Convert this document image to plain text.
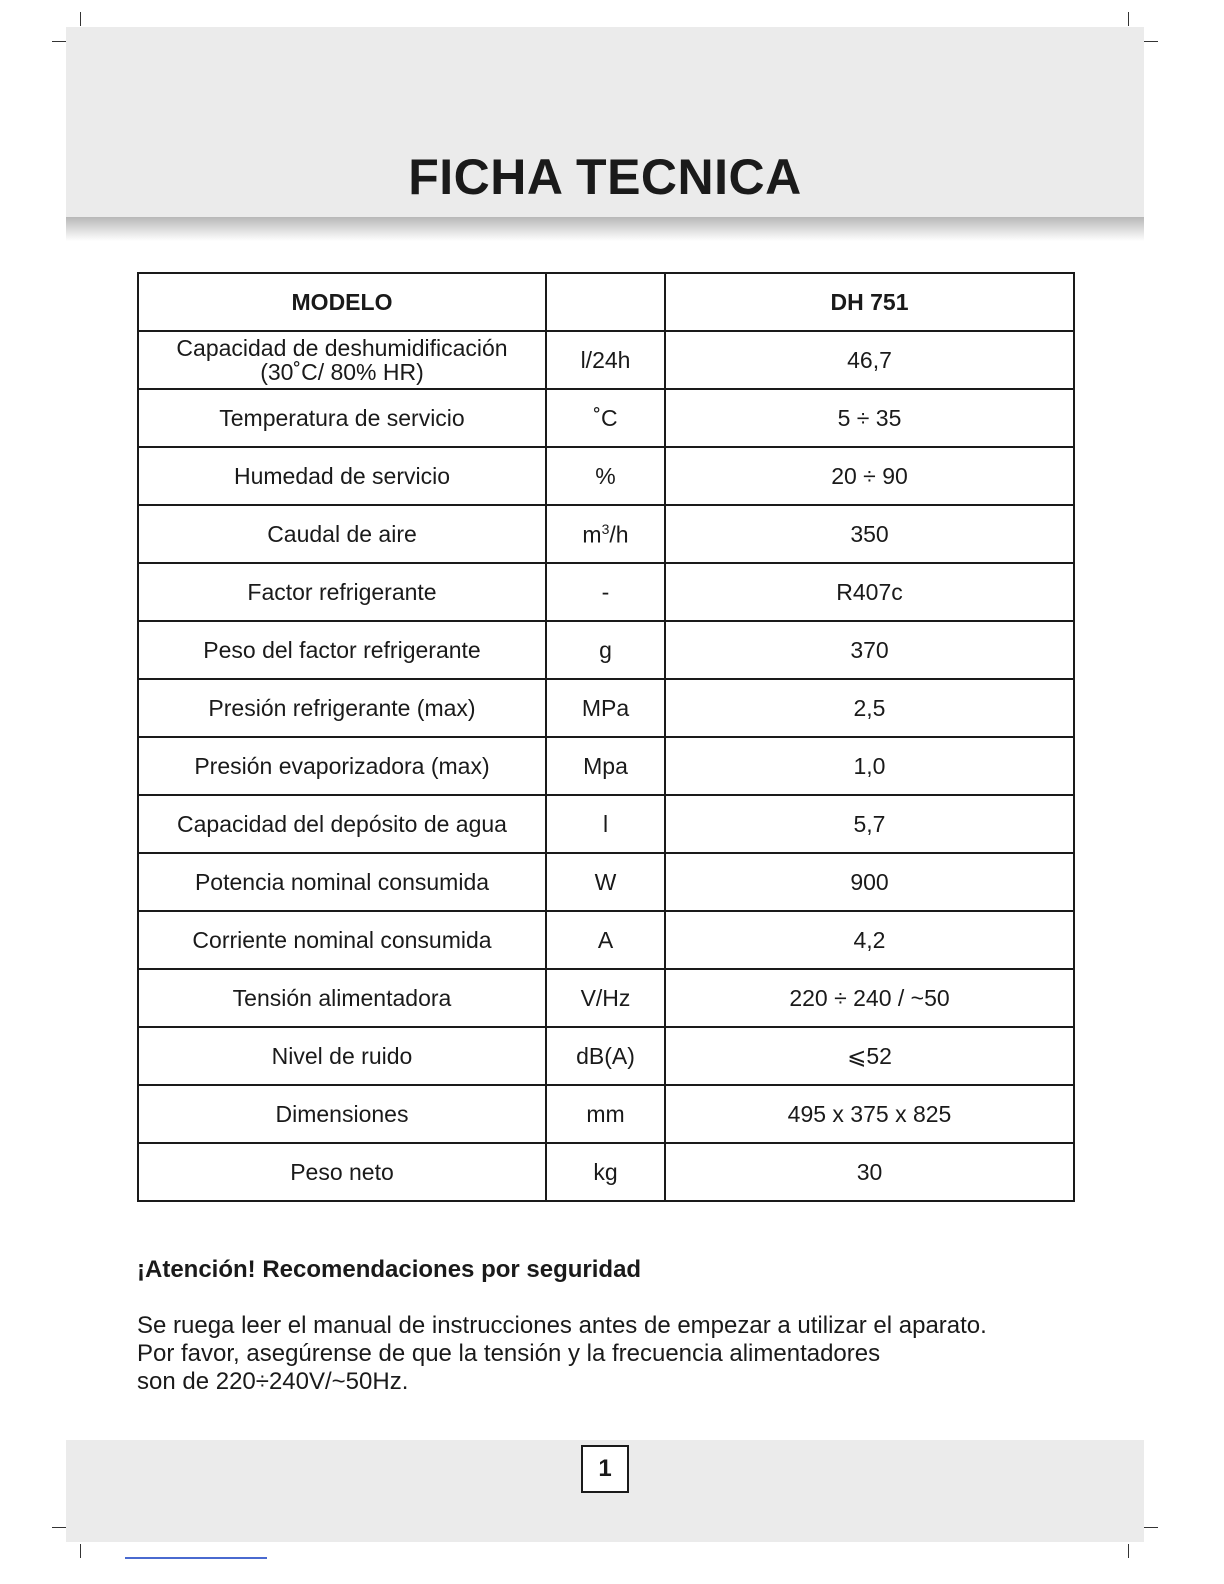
FICHA TECNICA
MODELO		DH 751

Capacidad de deshumidificación
(30˚C/ 80% HR)	l/24h	46,7
Temperatura de servicio	˚C	5 ÷ 35
Humedad de servicio	%	20 ÷ 90
Caudal de aire	$m^3/h$	350
Factor refrigerante	-	R407c
Peso del factor refrigerante	g	370
Presión refrigerante (max)	MPa	2,5
Presión evaporizadora (max)	Mpa	1,0
Capacidad del depósito de agua	l	5,7
Potencia nominal consumida	W	900
Corriente nominal consumida	A	4,2
Tensión alimentadora	V/Hz	220 ÷ 240 / ~50
Nivel de ruido	dB(A)	⩽52
Dimensiones	mm	495 x 375 x 825
Peso neto	kg	30
¡Atención! Recomendaciones por seguridad
Se ruega leer el manual de instrucciones antes de empezar a utilizar el aparato.
Por favor, asegúrense de que la tensión y la frecuencia alimentadores
son de 220÷240V/~50Hz.
1
